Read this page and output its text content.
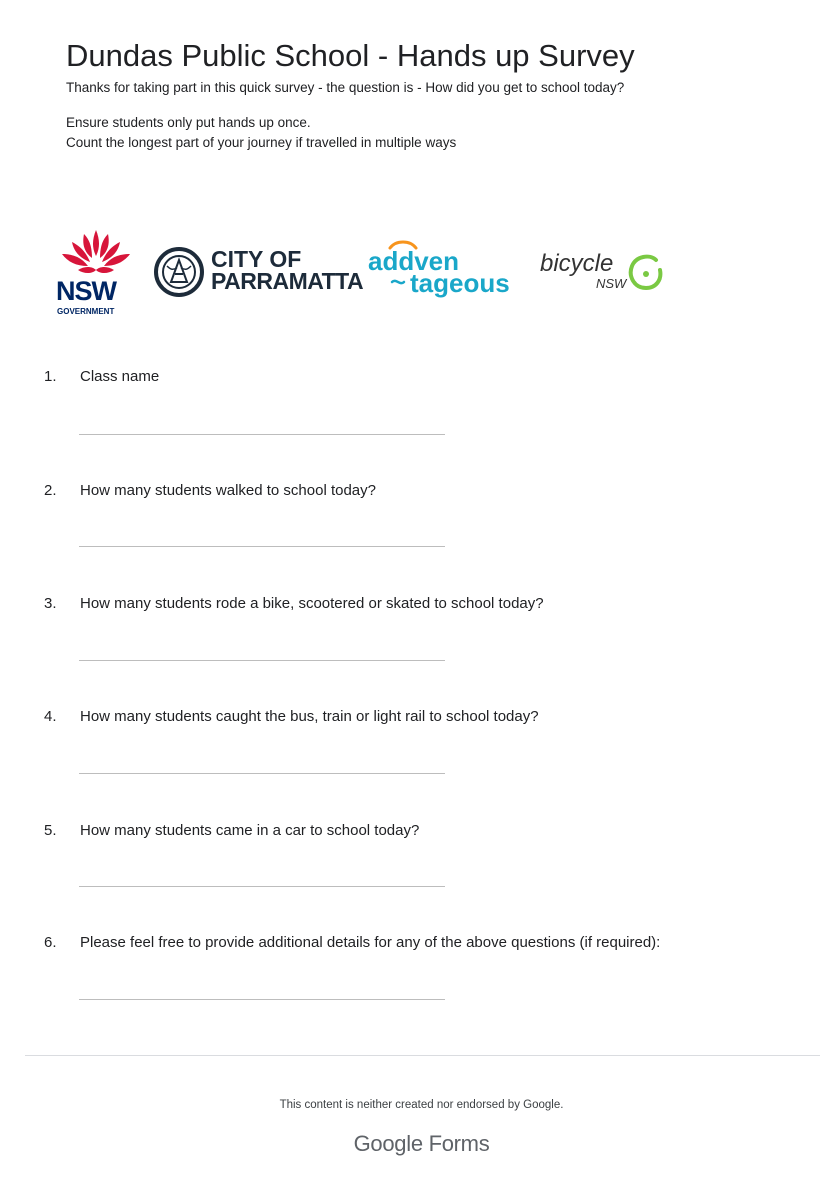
Dundas Public School - Hands up Survey
Thanks for taking part in this quick survey - the question is - How did you get to school today?
Ensure students only put hands up once.
Count the longest part of your journey if travelled in multiple ways
NSW
GOVERNMENT
CITY OF
PARRAMATTA
addven
tageous
bicycle
NSW
1. Class name
2. How many students walked to school today?
3. How many students rode a bike, scootered or skated to school today?
4. How many students caught the bus, train or light rail to school today?
5. How many students came in a car to school today?
6. Please feel free to provide additional details for any of the above questions (if required):
This content is neither created nor endorsed by Google.
Google Forms
